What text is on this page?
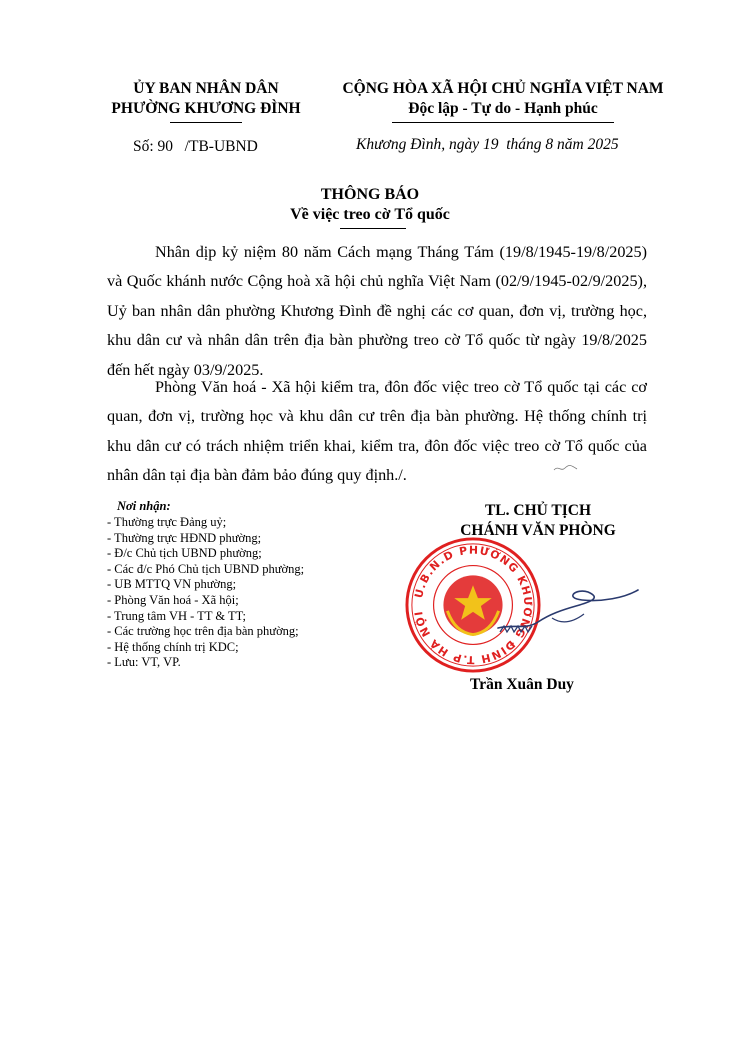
ỦY BAN NHÂN DÂN
PHƯỜNG KHƯƠNG ĐÌNH
CỘNG HÒA XÃ HỘI CHỦ NGHĨA VIỆT NAM
Độc lập - Tự do - Hạnh phúc
Số: 90   /TB-UBND	Khương Đình, ngày 19  tháng 8 năm 2025
THÔNG BÁO
Về việc treo cờ Tổ quốc
Nhân dịp kỷ niệm 80 năm Cách mạng Tháng Tám (19/8/1945-19/8/2025) và Quốc khánh nước Cộng hoà xã hội chủ nghĩa Việt Nam (02/9/1945-02/9/2025), Uỷ ban nhân dân phường Khương Đình đề nghị các cơ quan, đơn vị, trường học, khu dân cư và nhân dân trên địa bàn phường treo cờ Tổ quốc từ ngày 19/8/2025 đến hết ngày 03/9/2025.
Phòng Văn hoá - Xã hội kiểm tra, đôn đốc việc treo cờ Tổ quốc tại các cơ quan, đơn vị, trường học và khu dân cư trên địa bàn phường. Hệ thống chính trị khu dân cư có trách nhiệm triển khai, kiểm tra, đôn đốc việc treo cờ Tổ quốc của nhân dân tại địa bàn đảm bảo đúng quy định./.
Nơi nhận:
- Thường trực Đảng uỷ;
- Thường trực HĐND phường;
- Đ/c Chủ tịch UBND phường;
- Các đ/c Phó Chủ tịch UBND phường;
- UB MTTQ VN phường;
- Phòng Văn hoá - Xã hội;
- Trung tâm VH - TT & TT;
- Các trường học trên địa bàn phường;
- Hệ thống chính trị KDC;
- Lưu: VT, VP.
TL. CHỦ TỊCH
CHÁNH VĂN PHÒNG
U.B.N.D PHƯỜNG KHƯƠNG ĐÌNH T.P HÀ NỘI
Trần Xuân Duy
